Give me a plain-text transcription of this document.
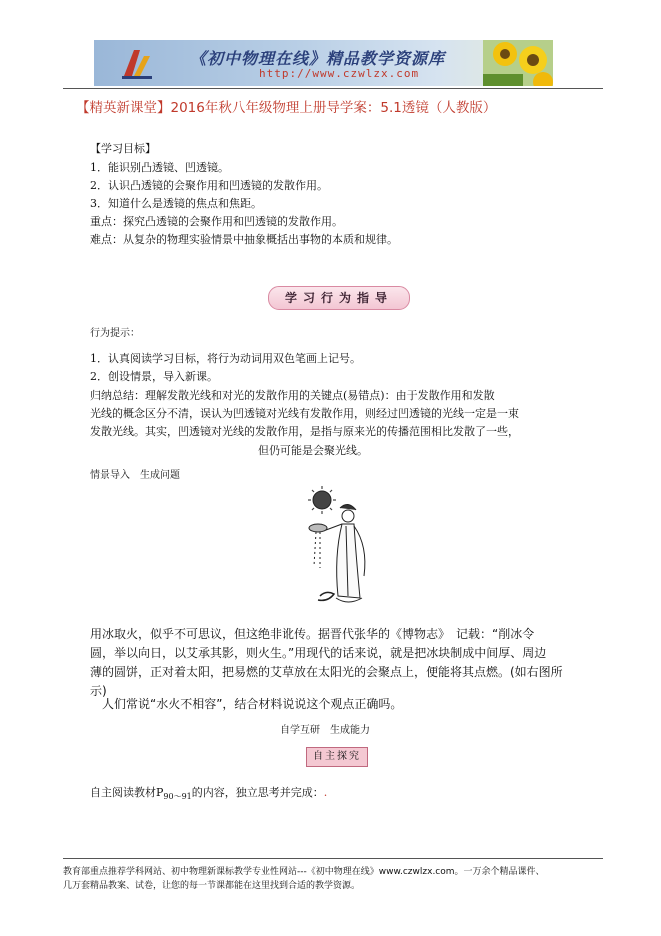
《初中物理在线》精品教学资源库
http://www.czwlzx.com
【精英新课堂】2016年秋八年级物理上册导学案：5.1透镜（人教版）
【学习目标】
1．能识别凸透镜、凹透镜。
2．认识凸透镜的会聚作用和凹透镜的发散作用。
3．知道什么是透镜的焦点和焦距。
重点：探究凸透镜的会聚作用和凹透镜的发散作用。
难点：从复杂的物理实验情景中抽象概括出事物的本质和规律。
学习行为指导
行为提示：
1．认真阅读学习目标，将行为动词用双色笔画上记号。
2．创设情景，导入新课。
归纳总结：理解发散光线和对光的发散作用的关键点(易错点)：由于发散作用和发散
光线的概念区分不清，误认为凹透镜对光线有发散作用，则经过凹透镜的光线一定是一束
发散光线。其实，凹透镜对光线的发散作用，是指与原来光的传播范围相比发散了一些，
但仍可能是会聚光线。
情景导入　生成问题
用冰取火，似乎不可思议，但这绝非讹传。据晋代张华的《博物志》　记载：“削冰令
圆，举以向日，以艾承其影，则火生。”用现代的话来说，就是把冰块制成中间厚、周边
薄的圆饼，正对着太阳，把易燃的艾草放在太阳光的会聚点上，便能将其点燃。(如右图所
示)
人们常说“水火不相容”，结合材料说说这个观点正确吗。
自学互研　生成能力
自主探究
自主阅读教材$P_{90\sim 91}$的内容，独立思考并完成：.
教育部重点推荐学科网站、初中物理新课标教学专业性网站---《初中物理在线》www.czwlzx.com。一万余个精品课件、
几万套精品教案、试卷，让您的每一节课都能在这里找到合适的教学资源。
